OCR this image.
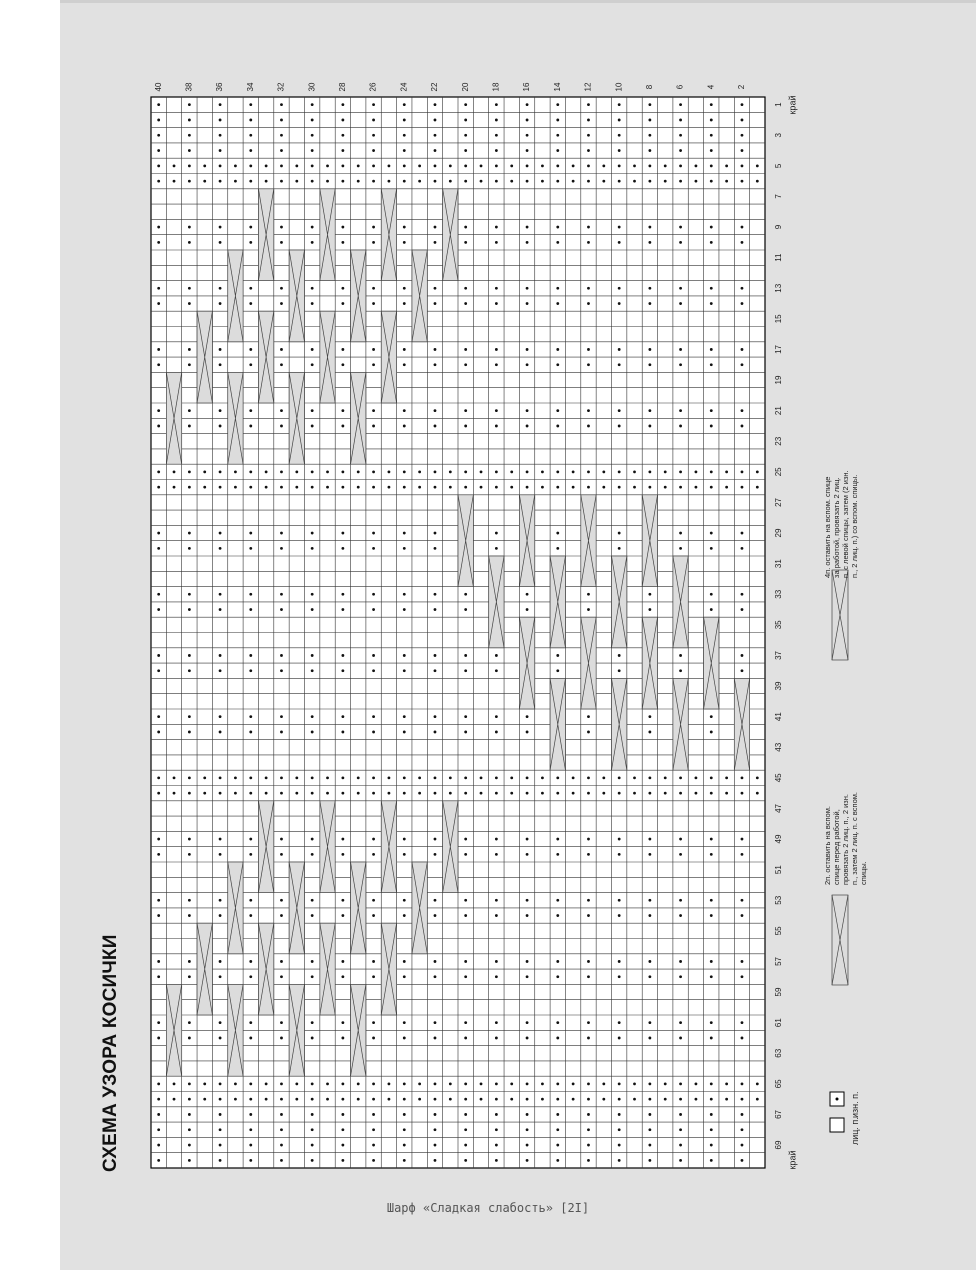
1
3
5
7
9
11
13
15
17
19
21
23
25
27
29
31
33
35
37
39
41
43
45
47
49
51
53
55
57
59
61
63
65
67
69
2
4
6
8
10
12
14
16
18
20
22
24
26
28
30
32
34
36
38
40
край
край
СХЕМА УЗОРА КОСИЧКИ
Шарф «Сладкая слабость» [2I]
2п. оставить на вспом. спице перед работой, провязать 2 лиц. п., 2 изн. п., затем 2 лиц. п. с вспом. спицы.
4п. оставить на вспом. спице за работой, провязать 2 лиц. п. с левой спицы, затем (2 изн. п., 2 лиц. п.) со вспом. спицы.
лиц. п.
изн. п.
